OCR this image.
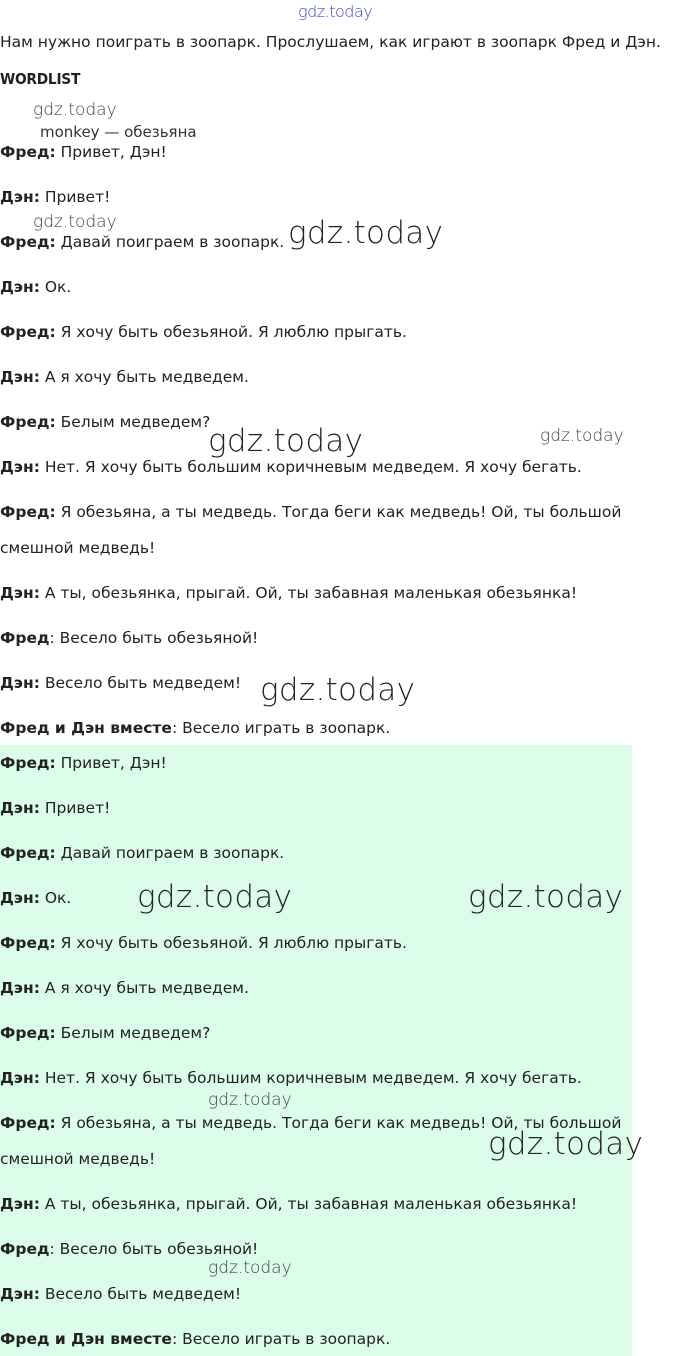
gdz.today
Нам нужно поиграть в зоопарк. Прослушаем, как играют в зоопарк Фред и Дэн.
WORDLIST
monkey — обезьяна
Фред: Привет, Дэн!
Дэн: Привет!
Фред: Давай поиграем в зоопарк.
Дэн: Ок.
Фред: Я хочу быть обезьяной. Я люблю прыгать.
Дэн: А я хочу быть медведем.
Фред: Белым медведем?
Дэн: Нет. Я хочу быть большим коричневым медведем. Я хочу бегать.
Фред: Я обезьяна, а ты медведь. Тогда беги как медведь! Ой, ты большой
смешной медведь!
Дэн: А ты, обезьянка, прыгай. Ой, ты забавная маленькая обезьянка!
Фред: Весело быть обезьяной!
Дэн: Весело быть медведем!
Фред и Дэн вместе: Весело играть в зоопарк.
Фред: Привет, Дэн!
Дэн: Привет!
Фред: Давай поиграем в зоопарк.
Дэн: Ок.
Фред: Я хочу быть обезьяной. Я люблю прыгать.
Дэн: А я хочу быть медведем.
Фред: Белым медведем?
Дэн: Нет. Я хочу быть большим коричневым медведем. Я хочу бегать.
Фред: Я обезьяна, а ты медведь. Тогда беги как медведь! Ой, ты большой
смешной медведь!
Дэн: А ты, обезьянка, прыгай. Ой, ты забавная маленькая обезьянка!
Фред: Весело быть обезьяной!
Дэн: Весело быть медведем!
Фред и Дэн вместе: Весело играть в зоопарк.
gdz.today
gdz.today	gdz.today
gdz.today	gdz.today
gdz.today
gdz.today	gdz.today
gdz.today
gdz.today
gdz.today
